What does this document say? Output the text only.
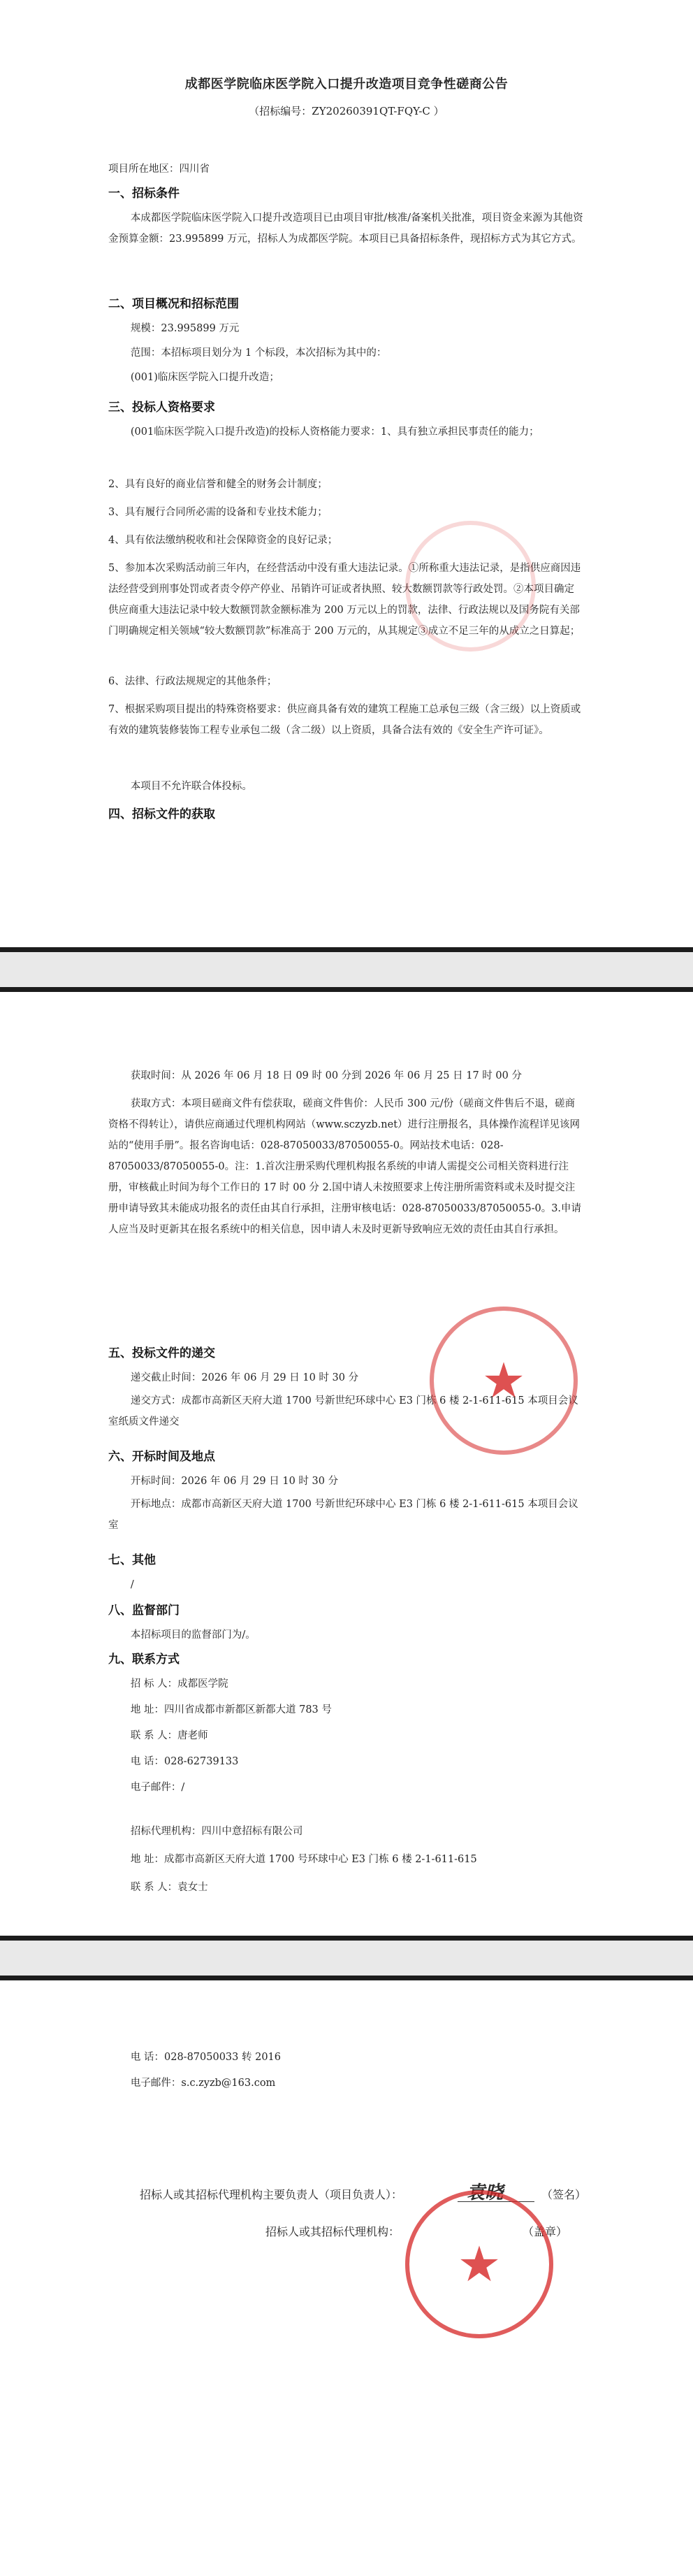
成都医学院临床医学院入口提升改造项目竞争性磋商公告
（招标编号：ZY20260391QT-FQY-C ）
项目所在地区：四川省
一、招标条件
本成都医学院临床医学院入口提升改造项目已由项目审批/核准/备案机关批准，项目资金来源为其他资金预算金额：23.995899 万元，招标人为成都医学院。本项目已具备招标条件，现招标方式为其它方式。
二、项目概况和招标范围
规模：23.995899 万元
范围：本招标项目划分为 1 个标段，本次招标为其中的：
(001)临床医学院入口提升改造；
三、投标人资格要求
(001临床医学院入口提升改造)的投标人资格能力要求：1、具有独立承担民事责任的能力；
2、具有良好的商业信誉和健全的财务会计制度；
3、具有履行合同所必需的设备和专业技术能力；
4、具有依法缴纳税收和社会保障资金的良好记录；
5、参加本次采购活动前三年内，在经营活动中没有重大违法记录。①所称重大违法记录，是指供应商因违法经营受到刑事处罚或者责令停产停业、吊销许可证或者执照、较大数额罚款等行政处罚。②本项目确定供应商重大违法记录中较大数额罚款金额标准为 200 万元以上的罚款，法律、行政法规以及国务院有关部门明确规定相关领域“较大数额罚款”标准高于 200 万元的，从其规定③成立不足三年的从成立之日算起；
6、法律、行政法规规定的其他条件；
7、根据采购项目提出的特殊资格要求：供应商具备有效的建筑工程施工总承包三级（含三级）以上资质或有效的建筑装修装饰工程专业承包二级（含二级）以上资质，具备合法有效的《安全生产许可证》。
本项目不允许联合体投标。
四、招标文件的获取
获取时间：从 2026 年 06 月 18 日 09 时 00 分到 2026 年 06 月 25 日 17 时 00 分
获取方式：本项目磋商文件有偿获取，磋商文件售价：人民币 300 元/份（磋商文件售后不退，磋商资格不得转让），请供应商通过代理机构网站（www.sczyzb.net）进行注册报名，具体操作流程详见该网站的“使用手册”。报名咨询电话：028-87050033/87050055-0。网站技术电话：028-87050033/87050055-0。注：1.首次注册采购代理机构报名系统的申请人需提交公司相关资料进行注册，审核截止时间为每个工作日的 17 时 00 分 2.国中请人未按照要求上传注册所需资料或未及时提交注册申请导致其未能成功报名的责任由其自行承担，注册审核电话：028-87050033/87050055-0。3.申请人应当及时更新其在报名系统中的相关信息，因申请人未及时更新导致响应无效的责任由其自行承担。
五、投标文件的递交
递交截止时间：2026 年 06 月 29 日 10 时 30 分
递交方式：成都市高新区天府大道 1700 号新世纪环球中心 E3 门栋 6 楼 2-1-611-615 本项目会议室纸质文件递交
六、开标时间及地点
开标时间：2026 年 06 月 29 日 10 时 30 分
开标地点：成都市高新区天府大道 1700 号新世纪环球中心 E3 门栋 6 楼 2-1-611-615 本项目会议室
七、其他
/
八、监督部门
本招标项目的监督部门为/。
九、联系方式
招 标 人：成都医学院
地 址：四川省成都市新都区新都大道 783 号
联 系 人：唐老师
电 话：028-62739133
电子邮件：/
招标代理机构：四川中意招标有限公司
地 址：成都市高新区天府大道 1700 号环球中心 E3 门栋 6 楼 2-1-611-615
联 系 人：袁女士
★
电 话：028-87050033 转 2016
电子邮件：s.c.zyzb@163.com
招标人或其招标代理机构主要负责人（项目负责人）：	袁晓	（签名）
招标人或其招标代理机构：	（盖章）
★
